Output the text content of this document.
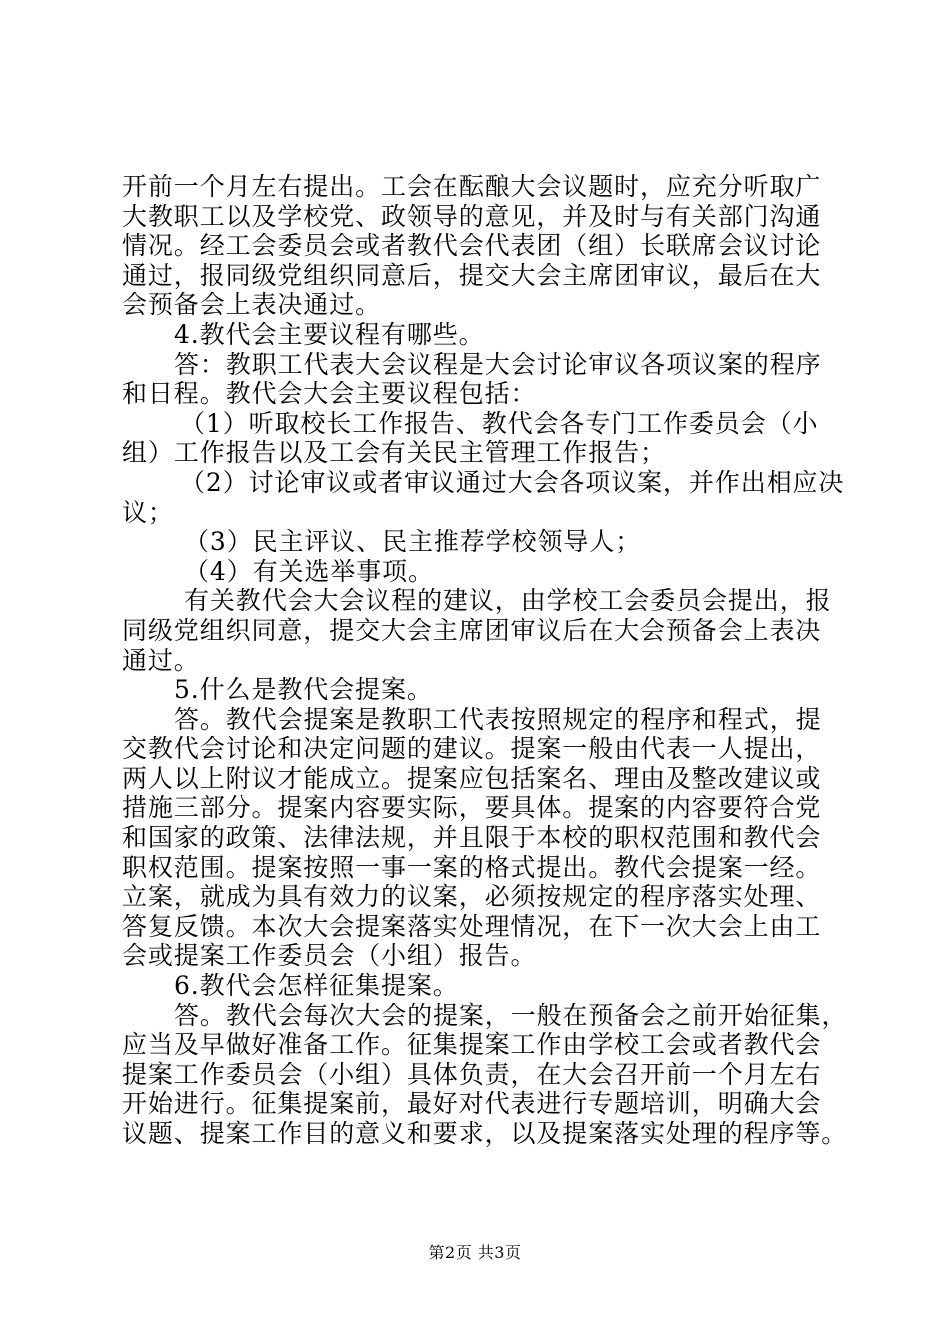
开前一个月左右提出。工会在酝酿大会议题时，应充分听取广
大教职工以及学校党、政领导的意见，并及时与有关部门沟通
情况。经工会委员会或者教代会代表团（组）长联席会议讨论
通过，报同级党组织同意后，提交大会主席团审议，最后在大
会预备会上表决通过。
4.教代会主要议程有哪些。
答：教职工代表大会议程是大会讨论审议各项议案的程序
和日程。教代会大会主要议程包括：
（1）听取校长工作报告、教代会各专门工作委员会（小
组）工作报告以及工会有关民主管理工作报告；
（2）讨论审议或者审议通过大会各项议案，并作出相应决
议；
（3）民主评议、民主推荐学校领导人；
（4）有关选举事项。
有关教代会大会议程的建议，由学校工会委员会提出，报
同级党组织同意，提交大会主席团审议后在大会预备会上表决
通过。
5.什么是教代会提案。
答。教代会提案是教职工代表按照规定的程序和程式，提
交教代会讨论和决定问题的建议。提案一般由代表一人提出，
两人以上附议才能成立。提案应包括案名、理由及整改建议或
措施三部分。提案内容要实际，要具体。提案的内容要符合党
和国家的政策、法律法规，并且限于本校的职权范围和教代会
职权范围。提案按照一事一案的格式提出。教代会提案一经。
立案，就成为具有效力的议案，必须按规定的程序落实处理、
答复反馈。本次大会提案落实处理情况，在下一次大会上由工
会或提案工作委员会（小组）报告。
6.教代会怎样征集提案。
答。教代会每次大会的提案，一般在预备会之前开始征集，
应当及早做好准备工作。征集提案工作由学校工会或者教代会
提案工作委员会（小组）具体负责，在大会召开前一个月左右
开始进行。征集提案前，最好对代表进行专题培训，明确大会
议题、提案工作目的意义和要求，以及提案落实处理的程序等。
第2页 共3页
